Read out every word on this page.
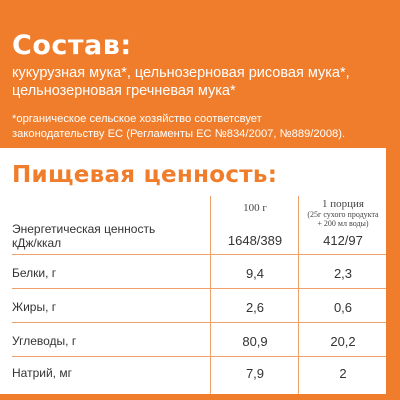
Состав:
кукурузная мука*, цельнозерновая рисовая мука*,
цельнозерновая гречневая мука*
*органическое сельское хозяйство соответсвует
законодательству ЕС (Регламенты ЕС №834/2007, №889/2008).
Пищевая ценность:
100 г	1 порция
(25г сухого продукта
+ 200 мл воды)
Энергетическая ценность
кДж/ккал	1648/389	412/97
Белки, г	9,4	2,3
Жиры, г	2,6	0,6
Углеводы, г	80,9	20,2
Натрий, мг	7,9	2
